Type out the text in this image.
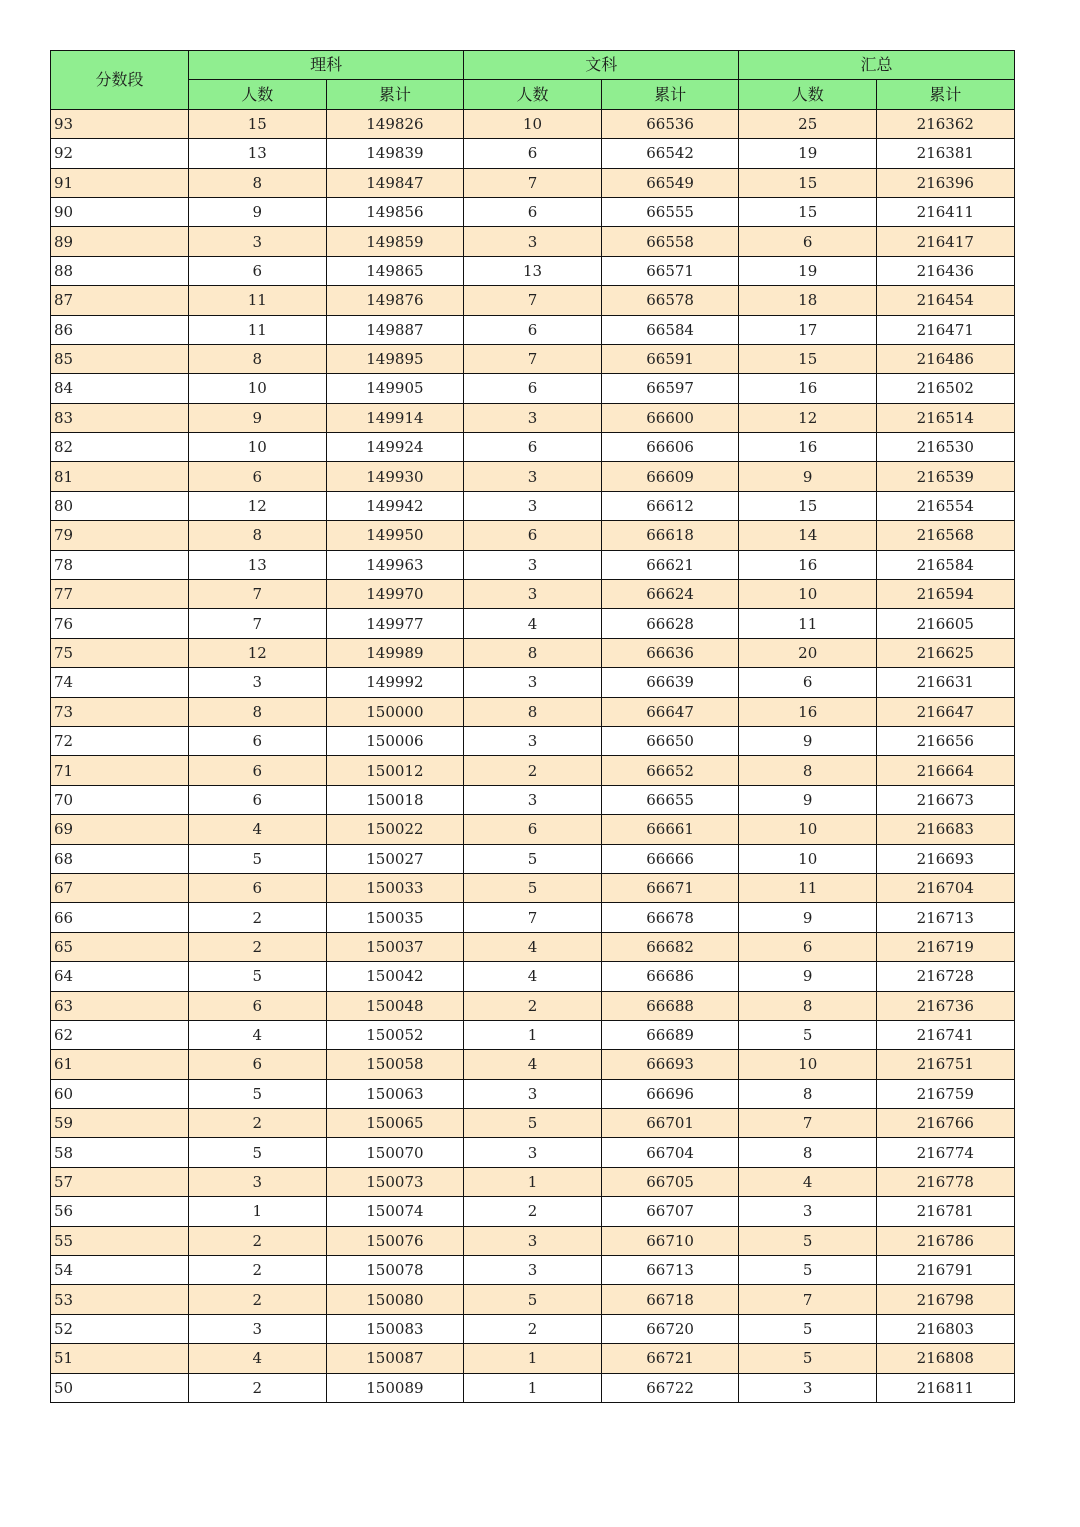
分数段	理科		文科		汇总	
	人数	累计	人数	累计	人数	累计
93	15	149826	10	66536	25	216362
92	13	149839	6	66542	19	216381
91	8	149847	7	66549	15	216396
90	9	149856	6	66555	15	216411
89	3	149859	3	66558	6	216417
88	6	149865	13	66571	19	216436
87	11	149876	7	66578	18	216454
86	11	149887	6	66584	17	216471
85	8	149895	7	66591	15	216486
84	10	149905	6	66597	16	216502
83	9	149914	3	66600	12	216514
82	10	149924	6	66606	16	216530
81	6	149930	3	66609	9	216539
80	12	149942	3	66612	15	216554
79	8	149950	6	66618	14	216568
78	13	149963	3	66621	16	216584
77	7	149970	3	66624	10	216594
76	7	149977	4	66628	11	216605
75	12	149989	8	66636	20	216625
74	3	149992	3	66639	6	216631
73	8	150000	8	66647	16	216647
72	6	150006	3	66650	9	216656
71	6	150012	2	66652	8	216664
70	6	150018	3	66655	9	216673
69	4	150022	6	66661	10	216683
68	5	150027	5	66666	10	216693
67	6	150033	5	66671	11	216704
66	2	150035	7	66678	9	216713
65	2	150037	4	66682	6	216719
64	5	150042	4	66686	9	216728
63	6	150048	2	66688	8	216736
62	4	150052	1	66689	5	216741
61	6	150058	4	66693	10	216751
60	5	150063	3	66696	8	216759
59	2	150065	5	66701	7	216766
58	5	150070	3	66704	8	216774
57	3	150073	1	66705	4	216778
56	1	150074	2	66707	3	216781
55	2	150076	3	66710	5	216786
54	2	150078	3	66713	5	216791
53	2	150080	5	66718	7	216798
52	3	150083	2	66720	5	216803
51	4	150087	1	66721	5	216808
50	2	150089	1	66722	3	216811
